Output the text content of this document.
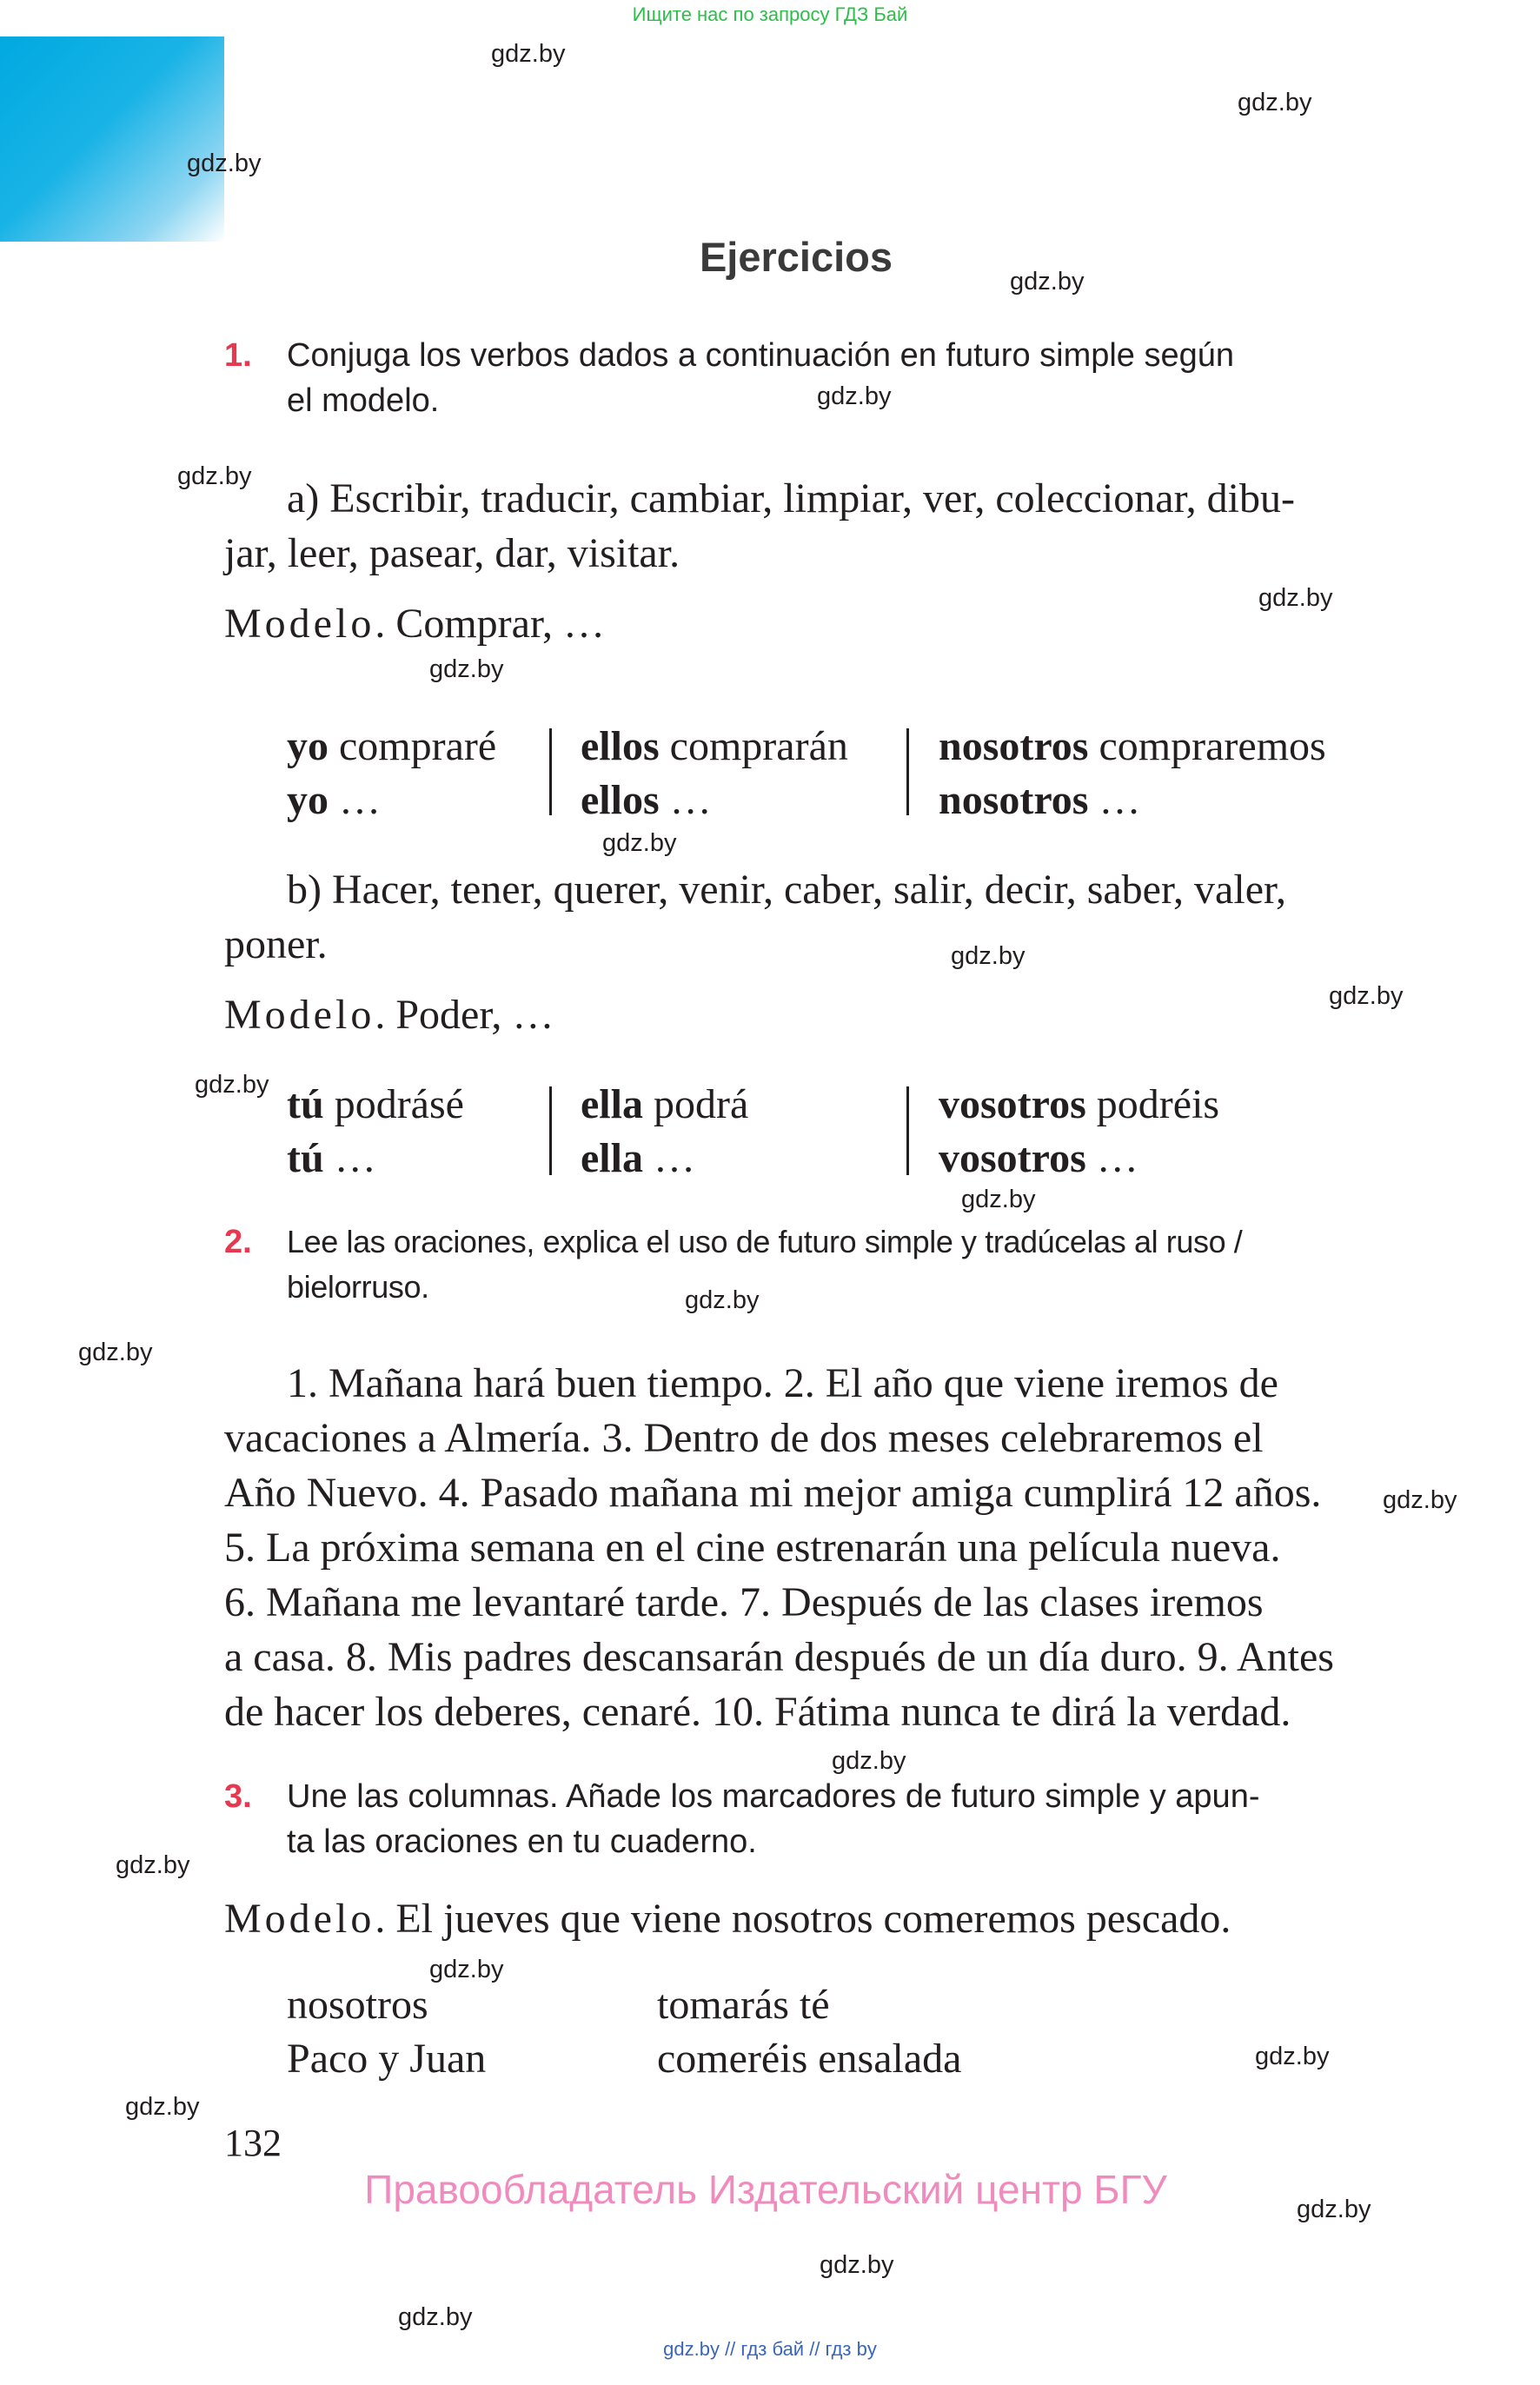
Ищите нас по запросу ГДЗ Бай
gdz.by
gdz.by
gdz.by
gdz.by
gdz.by
gdz.by
gdz.by
gdz.by
gdz.by
gdz.by
gdz.by
gdz.by
gdz.by
gdz.by
gdz.by
gdz.by
gdz.by
gdz.by
gdz.by
gdz.by
gdz.by
gdz.by
gdz.by
gdz.by
Ejercicios
1. Conjuga los verbos dados a continuación en futuro simple según
el modelo.
a) Escribir, traducir, cambiar, limpiar, ver, coleccionar, dibu-
jar, leer, pasear, dar, visitar.
Modelo. Comprar, …
yo compraré
yo …
ellos comprarán
ellos …
nosotros compraremos
nosotros …
b) Hacer, tener, querer, venir, caber, salir, decir, saber, valer,
poner.
Modelo. Poder, …
tú podrásé
tú …
ella podrá
ella …
vosotros podréis
vosotros …
2. Lee las oraciones, explica el uso de futuro simple y tradúcelas al ruso /
bielorruso.
1. Mañana hará buen tiempo. 2. El año que viene iremos de
vacaciones a Almería. 3. Dentro de dos meses celebraremos el
Año Nuevo. 4. Pasado mañana mi mejor amiga cumplirá 12 años.
5. La próxima semana en el cine estrenarán una película nueva.
6. Mañana me levantaré tarde. 7. Después de las clases iremos
a casa. 8. Mis padres descansarán después de un día duro. 9. Antes
de hacer los deberes, cenaré. 10. Fátima nunca te dirá la verdad.
3. Une las columnas. Añade los marcadores de futuro simple y apun-
ta las oraciones en tu cuaderno.
Modelo. El jueves que viene nosotros comeremos pescado.
nosotros
Paco y Juan
tomarás té
comeréis ensalada
132
Правообладатель Издательский центр БГУ
gdz.by // гдз бай // гдз by
